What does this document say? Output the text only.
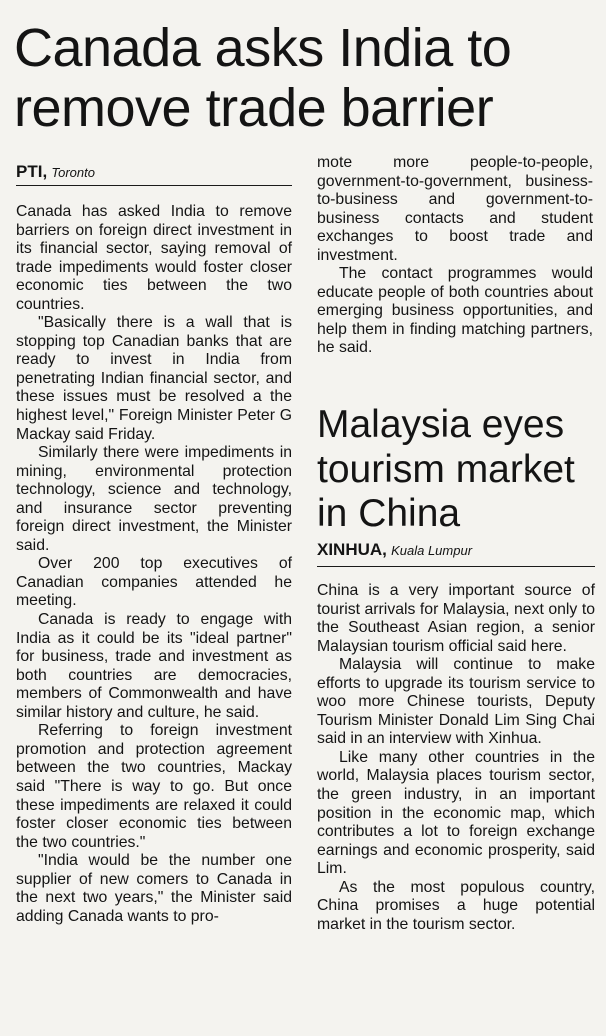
Canada asks India to remove trade barrier
PTI, Toronto

Canada has asked India to remove barriers on foreign direct investment in its financial sector, saying removal of trade impediments would foster closer economic ties between the two countries.

"Basically there is a wall that is stopping top Canadian banks that are ready to invest in India from penetrating Indian financial sector, and these issues must be resolved a the highest level," Foreign Minister Peter G Mackay said Friday.

Similarly there were impediments in mining, environmental protection technology, science and technology, and insurance sector preventing foreign direct investment, the Minister said.

Over 200 top executives of Canadian companies attended he meeting.

Canada is ready to engage with India as it could be its "ideal partner" for business, trade and investment as both countries are democracies, members of Commonwealth and have similar history and culture, he said.

Referring to foreign investment promotion and protection agreement between the two countries, Mackay said "There is way to go. But once these impediments are relaxed it could foster closer economic ties between the two countries."

"India would be the number one supplier of new comers to Canada in the next two years," the Minister said adding Canada wants to pro-

mote more people-to-people, government-to-government, business-to-business and government-to-business contacts and student exchanges to boost trade and investment.

The contact programmes would educate people of both countries about emerging business opportunities, and help them in finding matching partners, he said.

Malaysia eyes tourism market in China
XINHUA, Kuala Lumpur

China is a very important source of tourist arrivals for Malaysia, next only to the Southeast Asian region, a senior Malaysian tourism official said here.

Malaysia will continue to make efforts to upgrade its tourism service to woo more Chinese tourists, Deputy Tourism Minister Donald Lim Sing Chai said in an interview with Xinhua.

Like many other countries in the world, Malaysia places tourism sector, the green industry, in an important position in the economic map, which contributes a lot to foreign exchange earnings and economic prosperity, said Lim.

As the most populous country, China promises a huge potential market in the tourism sector.
